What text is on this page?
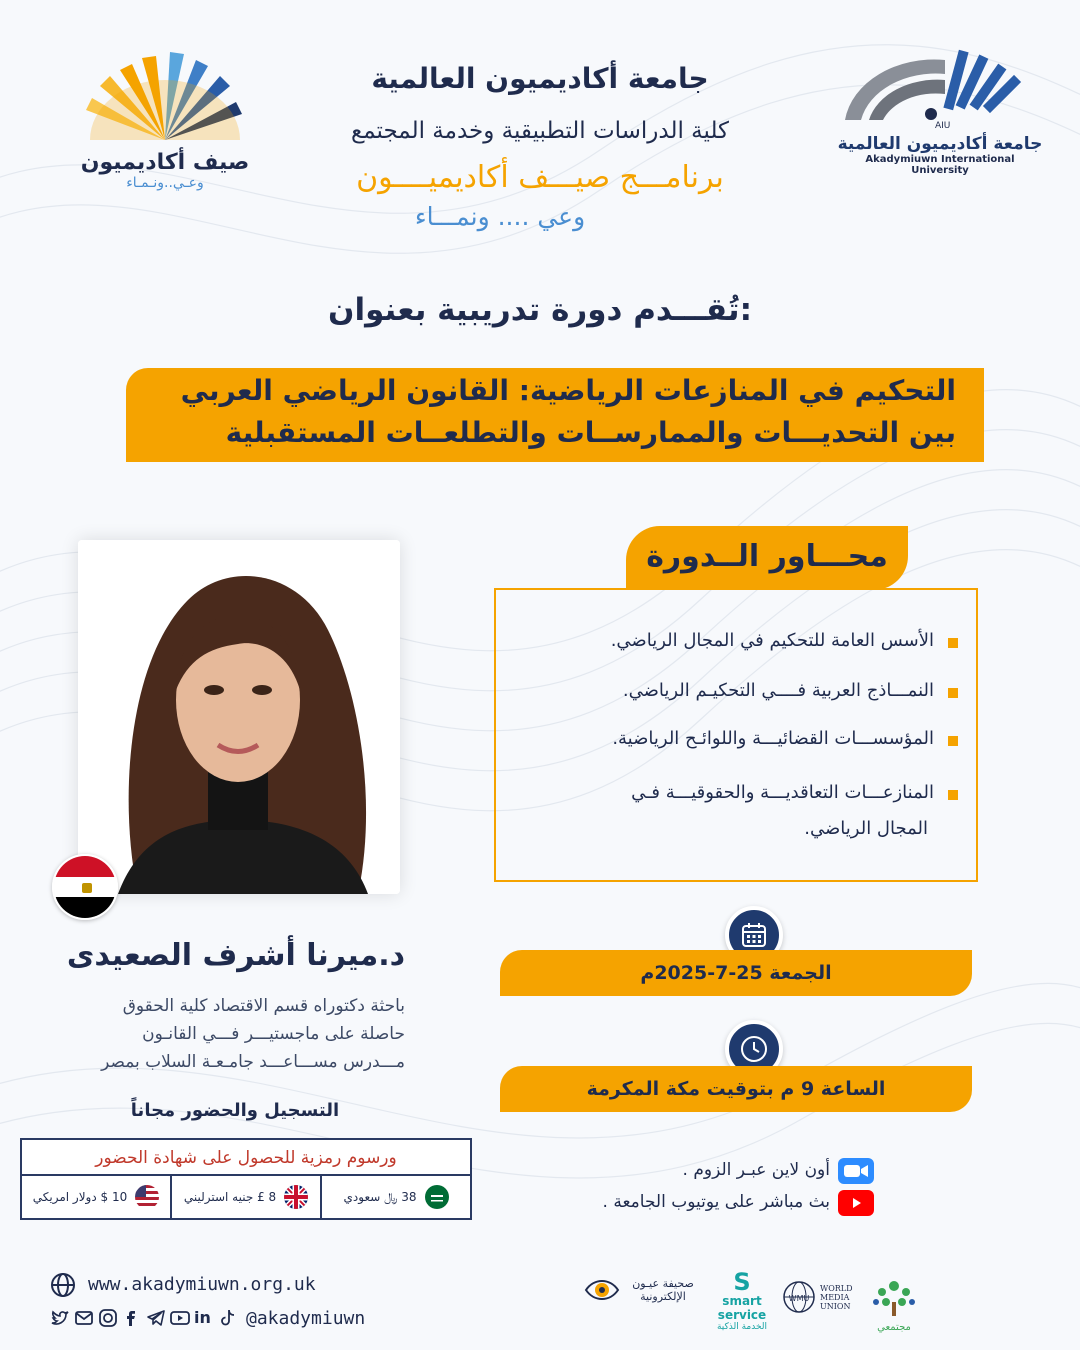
صيف أكاديميون
وعـي..ونـمـاء
AIU
جامعة أكاديميون العالمية
Akadymiuwn International University
جامعة أكاديميون العالمية
كلية الدراسات التطبيقية وخدمة المجتمع
برنامـــج صيـــف أكاديميــــون
وعي .... ونمـــاء
تُقـــدم دورة تدريبية بعنوان:
التحكيم في المنازعات الرياضية: القانون الرياضي العربي
بين التحديـــات والممارســات والتطلعــات المستقبلية
د.ميرنا أشرف الصعيدى
باحثة دكتوراه قسم الاقتصاد كلية الحقوق
حاصلة على ماجستيـــر فـــي القانـون
مـــدرس مســـاعـــد جامـعـة السلاب بمصر
التسجيل والحضور مجاناً
ورسوم رمزية للحصول على شهادة الحضور
10 $ دولار امريكي	8 £ جنيه استرليني	38 ﷼ سعودي
الأسس العامة للتحكيم في المجال الرياضي.
النمـــاذج العربية فــــي التحكيـم الرياضي.
المؤسســـات القضائيـــة واللوائـح الرياضية.
المنازعـــات التعاقديـــة والحقوقيـــة فـي
المجال الرياضي.
محـــاور الــدورة
الجمعة 25-7-2025م
الساعة 9 م بتوقيت مكة المكرمة
أون لاين عبـر الزوم .
بث مباشر على يوتيوب الجامعة .
www.akadymiuwn.org.uk
in @akadymiuwn
صحيفة عيـون الإلكترونية
S
smart service
الخدمة الذكية
WMU
WORLD
MEDIA
UNION
مجتمعي
